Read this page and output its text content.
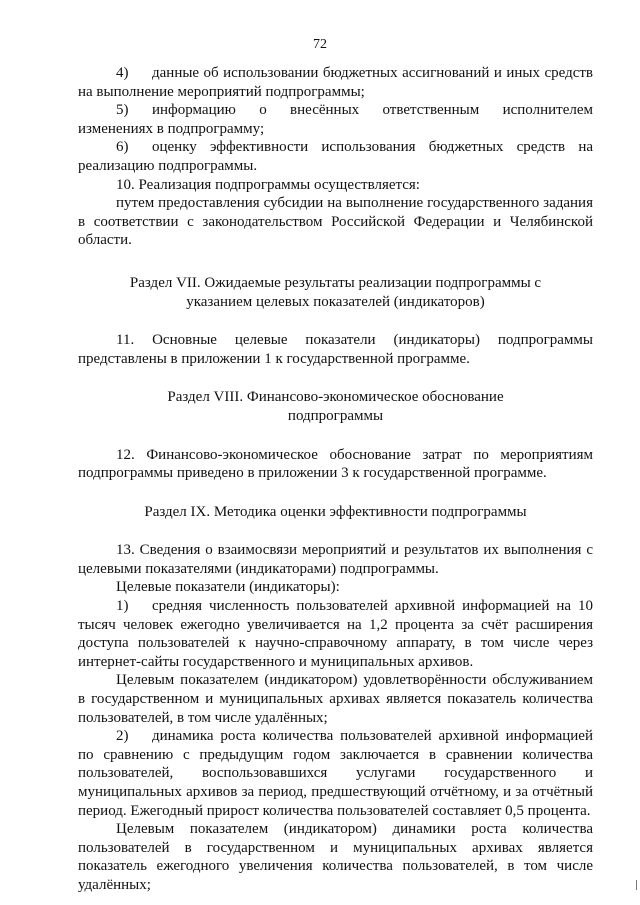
72

4) данные об использовании бюджетных ассигнований и иных средств на выполнение мероприятий подпрограммы;

5) информацию о внесённых ответственным исполнителем изменениях в подпрограмму;

6) оценку эффективности использования бюджетных средств на реализацию подпрограммы.

10. Реализация подпрограммы осуществляется:

путем предоставления субсидии на выполнение государственного задания в соответствии с законодательством Российской Федерации и Челябинской области.

Раздел VII. Ожидаемые результаты реализации подпрограммы с указанием целевых показателей (индикаторов)

11. Основные целевые показатели (индикаторы) подпрограммы представлены в приложении 1 к государственной программе.

Раздел VIII. Финансово-экономическое обоснование подпрограммы

12. Финансово-экономическое обоснование затрат по мероприятиям подпрограммы приведено в приложении 3 к государственной программе.

Раздел IX. Методика оценки эффективности подпрограммы

13. Сведения о взаимосвязи мероприятий и результатов их выполнения с целевыми показателями (индикаторами) подпрограммы.

Целевые показатели (индикаторы):

1) средняя численность пользователей архивной информацией на 10 тысяч человек ежегодно увеличивается на 1,2 процента за счёт расширения доступа пользователей к научно-справочному аппарату, в том числе через интернет-сайты государственного и муниципальных архивов.

Целевым показателем (индикатором) удовлетворённости обслуживанием в государственном и муниципальных архивах является показатель количества пользователей, в том числе удалённых;

2) динамика роста количества пользователей архивной информацией по сравнению с предыдущим годом заключается в сравнении количества пользователей, воспользовавшихся услугами государственного и муниципальных архивов за период, предшествующий отчётному, и за отчётный период. Ежегодный прирост количества пользователей составляет 0,5 процента.

Целевым показателем (индикатором) динамики роста количества пользователей в государственном и муниципальных архивах является показатель ежегодного увеличения количества пользователей, в том числе удалённых;
